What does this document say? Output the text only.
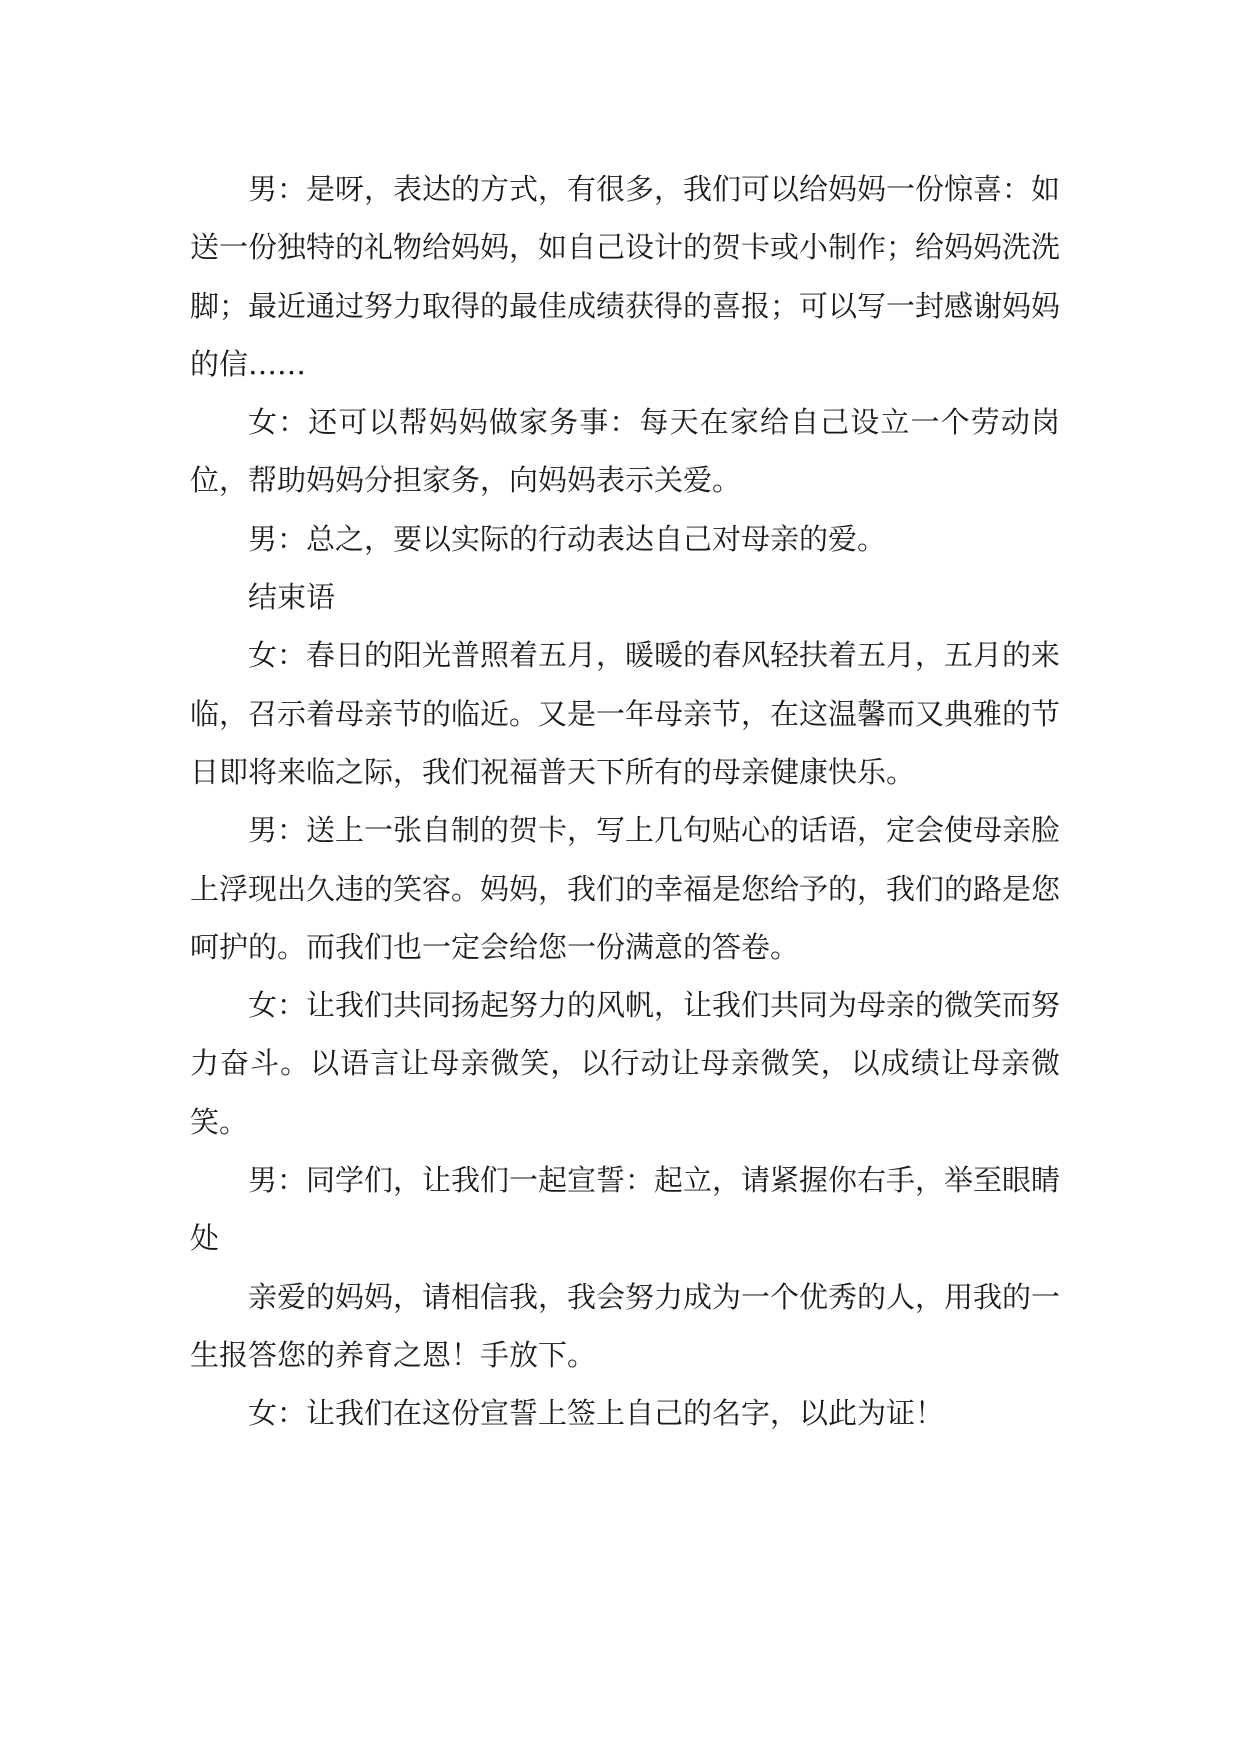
男：是呀，表达的方式，有很多，我们可以给妈妈一份惊喜：如送一份独特的礼物给妈妈，如自己设计的贺卡或小制作；给妈妈洗洗脚；最近通过努力取得的最佳成绩获得的喜报；可以写一封感谢妈妈的信……

女：还可以帮妈妈做家务事：每天在家给自己设立一个劳动岗位，帮助妈妈分担家务，向妈妈表示关爱。

男：总之，要以实际的行动表达自己对母亲的爱。

结束语

女：春日的阳光普照着五月，暖暖的春风轻扶着五月，五月的来临，召示着母亲节的临近。又是一年母亲节，在这温馨而又典雅的节日即将来临之际，我们祝福普天下所有的母亲健康快乐。

男：送上一张自制的贺卡，写上几句贴心的话语，定会使母亲脸上浮现出久违的笑容。妈妈，我们的幸福是您给予的，我们的路是您呵护的。而我们也一定会给您一份满意的答卷。

女：让我们共同扬起努力的风帆，让我们共同为母亲的微笑而努力奋斗。以语言让母亲微笑，以行动让母亲微笑，以成绩让母亲微笑。

男：同学们，让我们一起宣誓：起立，请紧握你右手，举至眼睛处

亲爱的妈妈，请相信我，我会努力成为一个优秀的人，用我的一生报答您的养育之恩！手放下。

女：让我们在这份宣誓上签上自己的名字，以此为证！
